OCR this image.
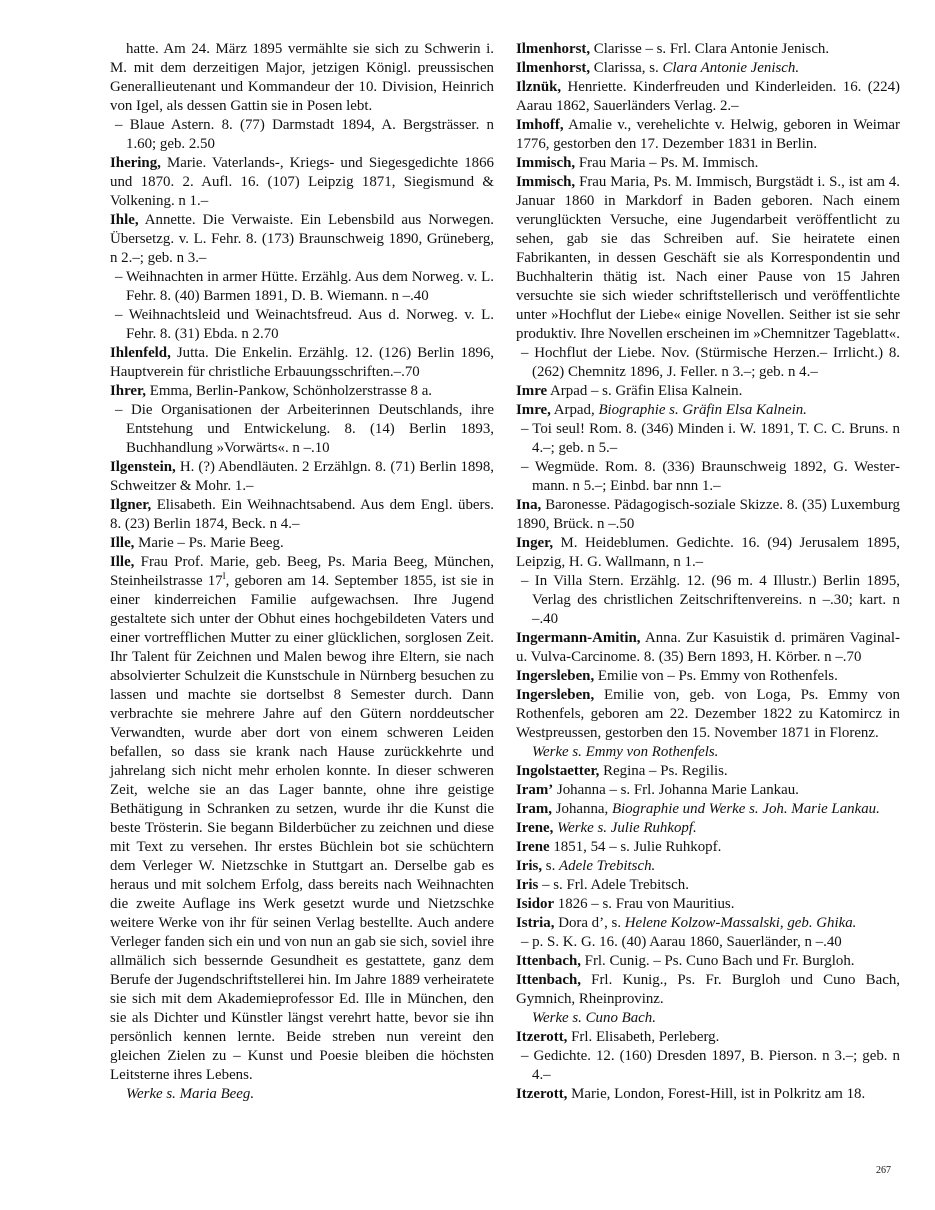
hatte. Am 24. März 1895 vermählte sie sich zu Schwerin i. M. mit dem derzeitigen Major, jetzigen Königl. preussischen Generallieutenant und Kommandeur der 10. Division, Heinrich von Igel, als dessen Gattin sie in Posen lebt.

– Blaue Astern. 8. (77) Darmstadt 1894, A. Bergsträsser. n 1.60; geb. 2.50

Ihering, Marie. Vaterlands-, Kriegs- und Siegesgedichte 1866 und 1870. 2. Aufl. 16. (107) Leipzig 1871, Siegismund & Volkening. n 1.–

Ihle, Annette. Die Verwaiste. Ein Lebensbild aus Norwegen. Übersetzg. v. L. Fehr. 8. (173) Braunschweig 1890, Grüneberg, n 2.–; geb. n 3.–

– Weihnachten in armer Hütte. Erzählg. Aus dem Norweg. v. L. Fehr. 8. (40) Barmen 1891, D. B. Wiemann. n –.40

– Weihnachtsleid und Weinachtsfreud. Aus d. Norweg. v. L. Fehr. 8. (31) Ebda. n 2.70

Ihlenfeld, Jutta. Die Enkelin. Erzählg. 12. (126) Berlin 1896, Hauptverein für christliche Erbauungsschriften.–.70

Ihrer, Emma, Berlin-Pankow, Schönholzerstrasse 8 a.

– Die Organisationen der Arbeiterinnen Deutschlands, ihre Entstehung und Entwickelung. 8. (14) Berlin 1893, Buchhandlung »Vorwärts«. n –.10

Ilgenstein, H. (?) Abendläuten. 2 Erzählgn. 8. (71) Berlin 1898, Schweitzer & Mohr. 1.–

Ilgner, Elisabeth. Ein Weihnachtsabend. Aus dem Engl. übers. 8. (23) Berlin 1874, Beck. n 4.–

Ille, Marie – Ps. Marie Beeg.

Ille, Frau Prof. Marie, geb. Beeg, Ps. Maria Beeg, München, Steinheilstrasse $17^I$, geboren am 14. September 1855, ist sie in einer kinderreichen Familie aufgewachsen. Ihre Jugend gestaltete sich unter der Obhut eines hochgebildeten Vaters und einer vortrefflichen Mutter zu einer glücklichen, sorglosen Zeit. Ihr Talent für Zeichnen und Malen bewog ihre Eltern, sie nach absolvierter Schulzeit die Kunstschule in Nürnberg besuchen zu lassen und machte sie dortselbst 8 Semester durch. Dann verbrachte sie mehrere Jahre auf den Gütern norddeutscher Verwandten, wurde aber dort von einem schweren Leiden befallen, so dass sie krank nach Hause zurückkehrte und jahrelang sich nicht mehr erholen konnte. In dieser schweren Zeit, welche sie an das Lager bannte, ohne ihre geistige Bethätigung in Schranken zu setzen, wurde ihr die Kunst die beste Trösterin. Sie begann Bilderbücher zu zeichnen und diese mit Text zu versehen. Ihr erstes Büchlein bot sie schüchtern dem Verleger W. Nietzschke in Stuttgart an. Derselbe gab es heraus und mit solchem Erfolg, dass bereits nach Weihnachten die zweite Auflage ins Werk gesetzt wurde und Nietzschke weitere Werke von ihr für seinen Verlag bestellte. Auch andere Verleger fanden sich ein und von nun an gab sie sich, soviel ihre allmälich sich bessernde Gesundheit es gestattete, ganz dem Berufe der Jugendschriftstellerei hin. Im Jahre 1889 verheiratete sie sich mit dem Akademieprofessor Ed. Ille in München, den sie als Dichter und Künstler längst verehrt hatte, bevor sie ihn persönlich kennen lernte. Beide streben nun vereint den gleichen Zielen zu – Kunst und Poesie bleiben die höchsten Leitsterne ihres Lebens.

Werke s. Maria Beeg.

Ilmenhorst, Clarisse – s. Frl. Clara Antonie Jenisch.

Ilmenhorst, Clarissa, s. Clara Antonie Jenisch.

Ilznük, Henriette. Kinderfreuden und Kinderleiden. 16. (224) Aarau 1862, Sauerländers Verlag. 2.–

Imhoff, Amalie v., verehelichte v. Helwig, geboren in Weimar 1776, gestorben den 17. Dezember 1831 in Berlin.

Immisch, Frau Maria – Ps. M. Immisch.

Immisch, Frau Maria, Ps. M. Immisch, Burgstädt i. S., ist am 4. Januar 1860 in Markdorf in Baden geboren. Nach einem verunglückten Versuche, eine Jugendarbeit veröffentlicht zu sehen, gab sie das Schreiben auf. Sie heiratete einen Fabrikanten, in dessen Geschäft sie als Korrespondentin und Buchhalterin thätig ist. Nach einer Pause von 15 Jahren versuchte sie sich wieder schriftstellerisch und veröffentlichte unter »Hochflut der Liebe« einige Novellen. Seither ist sie sehr produktiv. Ihre Novellen erscheinen im »Chemnitzer Tageblatt«.

– Hochflut der Liebe. Nov. (Stürmische Herzen.– Irrlicht.) 8. (262) Chemnitz 1896, J. Feller. n 3.–; geb. n 4.–

Imre Arpad – s. Gräfin Elisa Kalnein.

Imre, Arpad, Biographie s. Gräfin Elsa Kalnein.

– Toi seul! Rom. 8. (346) Minden i. W. 1891, T. C. C. Bruns. n 4.–; geb. n 5.–

– Wegmüde. Rom. 8. (336) Braunschweig 1892, G. Westermann. n 5.–; Einbd. bar nnn 1.–

Ina, Baronesse. Pädagogisch-soziale Skizze. 8. (35) Luxemburg 1890, Brück. n –.50

Inger, M. Heideblumen. Gedichte. 16. (94) Jerusalem 1895, Leipzig, H. G. Wallmann, n 1.–

– In Villa Stern. Erzählg. 12. (96 m. 4 Illustr.) Berlin 1895, Verlag des christlichen Zeitschriftenvereins. n –.30; kart. n –.40

Ingermann-Amitin, Anna. Zur Kasuistik d. primären Vaginal- u. Vulva-Carcinome. 8. (35) Bern 1893, H. Körber. n –.70

Ingersleben, Emilie von – Ps. Emmy von Rothenfels.

Ingersleben, Emilie von, geb. von Loga, Ps. Emmy von Rothenfels, geboren am 22. Dezember 1822 zu Katomircz in Westpreussen, gestorben den 15. November 1871 in Florenz.

Werke s. Emmy von Rothenfels.

Ingolstaetter, Regina – Ps. Regilis.

Iram’ Johanna – s. Frl. Johanna Marie Lankau.

Iram, Johanna, Biographie und Werke s. Joh. Marie Lankau.

Irene, Werke s. Julie Ruhkopf.

Irene 1851, 54 – s. Julie Ruhkopf.

Iris, s. Adele Trebitsch.

Iris – s. Frl. Adele Trebitsch.

Isidor 1826 – s. Frau von Mauritius.

Istria, Dora d’, s. Helene Kolzow-Massalski, geb. Ghika.

– p. S. K. G. 16. (40) Aarau 1860, Sauerländer, n –.40

Ittenbach, Frl. Cunig. – Ps. Cuno Bach und Fr. Burgloh.

Ittenbach, Frl. Kunig., Ps. Fr. Burgloh und Cuno Bach, Gymnich, Rheinprovinz.

Werke s. Cuno Bach.

Itzerott, Frl. Elisabeth, Perleberg.

– Gedichte. 12. (160) Dresden 1897, B. Pierson. n 3.–; geb. n 4.–

Itzerott, Marie, London, Forest-Hill, ist in Polkritz am 18.

267
